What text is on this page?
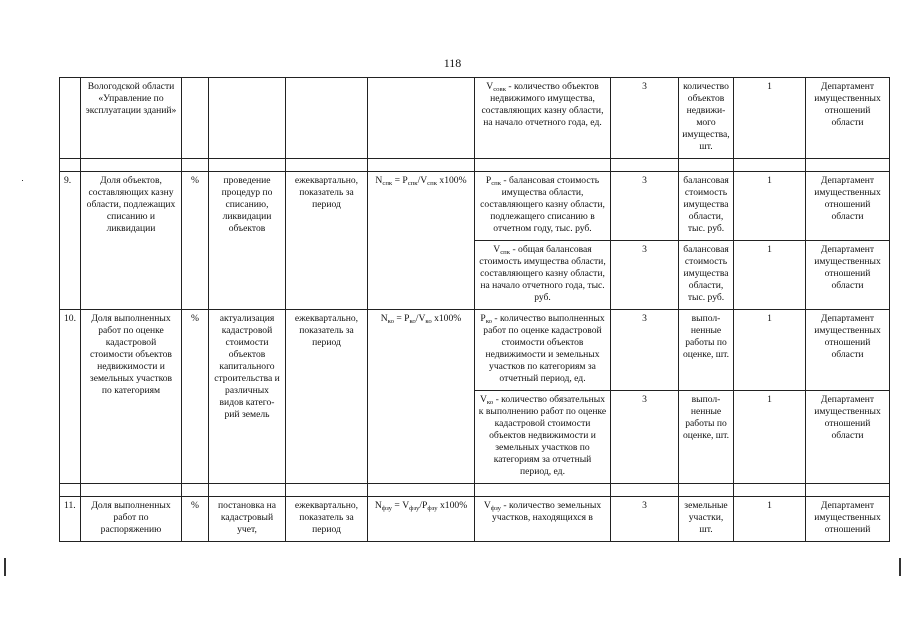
118
	Вологодской области «Управление по эксплуатации зданий»					$V_{совк}$ - количество объектов недвижимого имущества, составляющих казну области, на начало отчетного года, ед.	3	количество объектов недвижи- мого имущества, шт.	1	Департамент имущественных отношений области

9.	Доля объектов, составляющих казну области, подлежащих списанию и ликвидации	%	проведение процедур по списанию, ликвидации объектов	ежеквартально, показатель за период	$N_{спк} = P_{спк}/V_{спк}$ х100%	$P_{спк}$ - балансовая стоимость имущества области, составляющего казну области, подлежащего списанию в отчетном году, тыс. руб.	3	балансовая стоимость имущества области, тыс. руб.	1	Департамент имущественных отношений области
						$V_{спк}$ - общая балансовая стоимость имущества области, составляющего казну области, на начало отчетного года, тыс. руб.	3	балансовая стоимость имущества области, тыс. руб.	1	Департамент имущественных отношений области
10.	Доля выполненных работ по оценке кадастровой стоимости объектов недвижимости и земельных участков по категориям	%	актуализация кадастровой стоимости объектов капитального строительства и различных видов катего- рий земель	ежеквартально, показатель за период	$N_{ко} = P_{ко}/V_{ко}$ х100%	$P_{ко}$ - количество выполненных работ по оценке кадастровой стоимости объектов недвижимости и земельных участков по категориям за отчетный период, ед.	3	выпол- ненные работы по оценке, шт.	1	Департамент имущественных отношений области
						$V_{ко}$ - количество обязательных к выполнению работ по оценке кадастровой стоимости объектов недвижимости и земельных участков по категориям за отчетный период, ед.	3	выпол- ненные работы по оценке, шт.	1	Департамент имущественных отношений области

11.	Доля выполненных работ по распоряжению	%	постановка на кадастровый учет,	ежеквартально, показатель за период	$N_{фзу} = V_{фзу}/P_{фзу}$ х100%	$V_{фзу}$ - количество земельных участков, находящихся в	3	земельные участки, шт.	1	Департамент имущественных отношений
